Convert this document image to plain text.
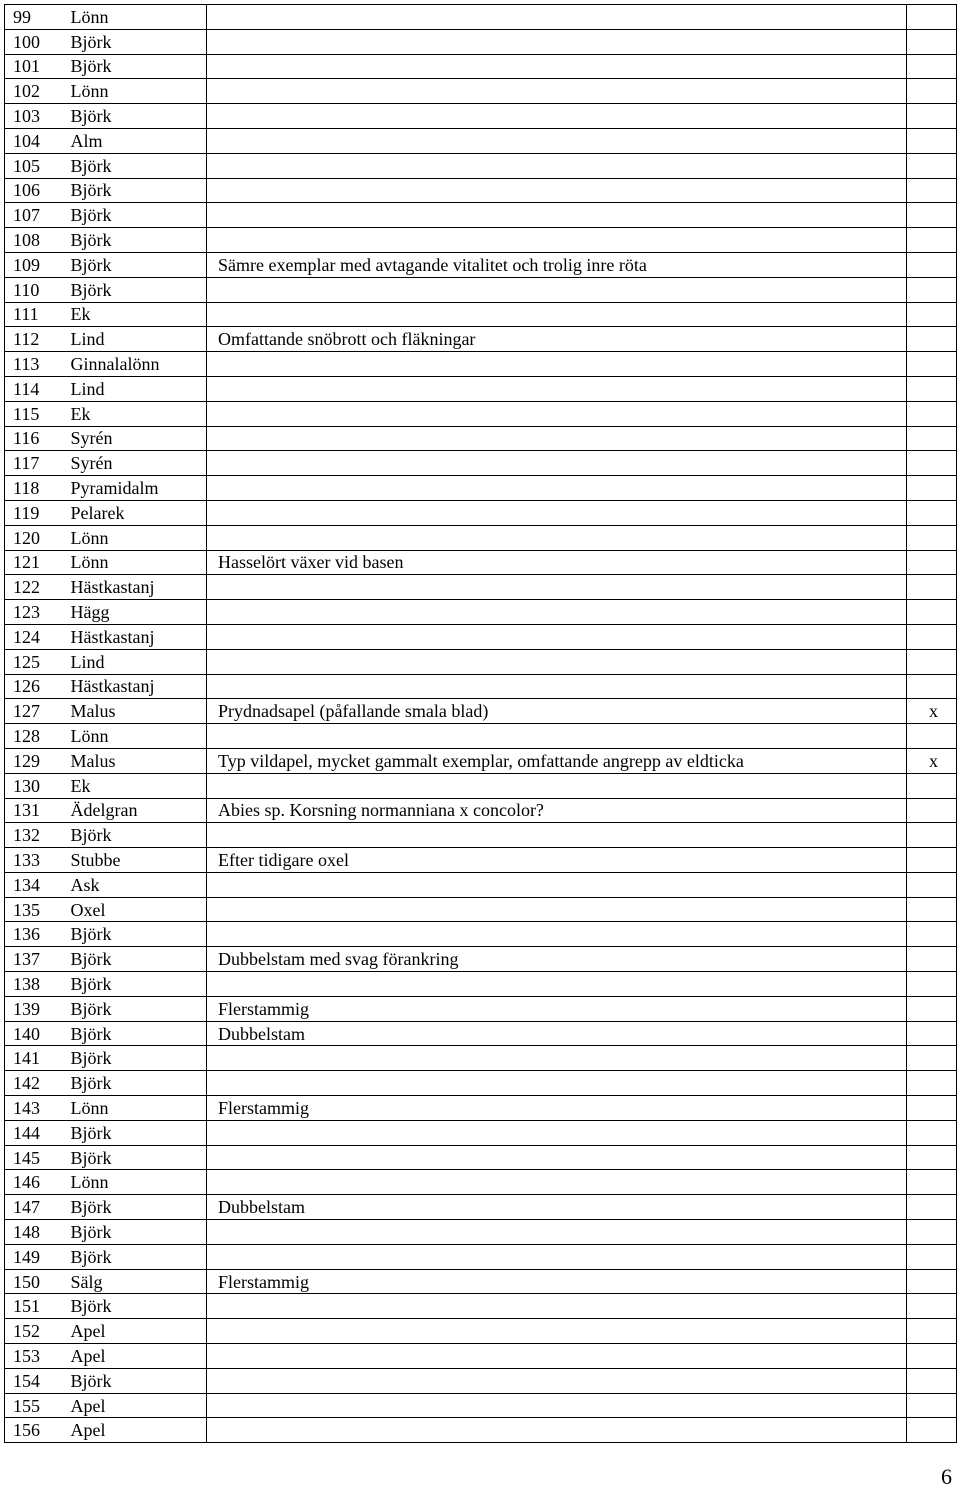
99	Lönn		
100	Björk		
101	Björk		
102	Lönn		
103	Björk		
104	Alm		
105	Björk		
106	Björk		
107	Björk		
108	Björk		
109	Björk	Sämre exemplar med avtagande vitalitet och trolig inre röta	
110	Björk		
111	Ek		
112	Lind	Omfattande snöbrott och fläkningar	
113	Ginnalalönn		
114	Lind		
115	Ek		
116	Syrén		
117	Syrén		
118	Pyramidalm		
119	Pelarek		
120	Lönn		
121	Lönn	Hasselört växer vid basen	
122	Hästkastanj		
123	Hägg		
124	Hästkastanj		
125	Lind		
126	Hästkastanj		
127	Malus	Prydnadsapel (påfallande smala blad)	x
128	Lönn		
129	Malus	Typ vildapel, mycket gammalt exemplar, omfattande angrepp av eldticka	x
130	Ek		
131	Ädelgran	Abies sp. Korsning normanniana x concolor?	
132	Björk		
133	Stubbe	Efter tidigare oxel	
134	Ask		
135	Oxel		
136	Björk		
137	Björk	Dubbelstam med svag förankring	
138	Björk		
139	Björk	Flerstammig	
140	Björk	Dubbelstam	
141	Björk		
142	Björk		
143	Lönn	Flerstammig	
144	Björk		
145	Björk		
146	Lönn		
147	Björk	Dubbelstam	
148	Björk		
149	Björk		
150	Sälg	Flerstammig	
151	Björk		
152	Apel		
153	Apel		
154	Björk		
155	Apel		
156	Apel		
6
